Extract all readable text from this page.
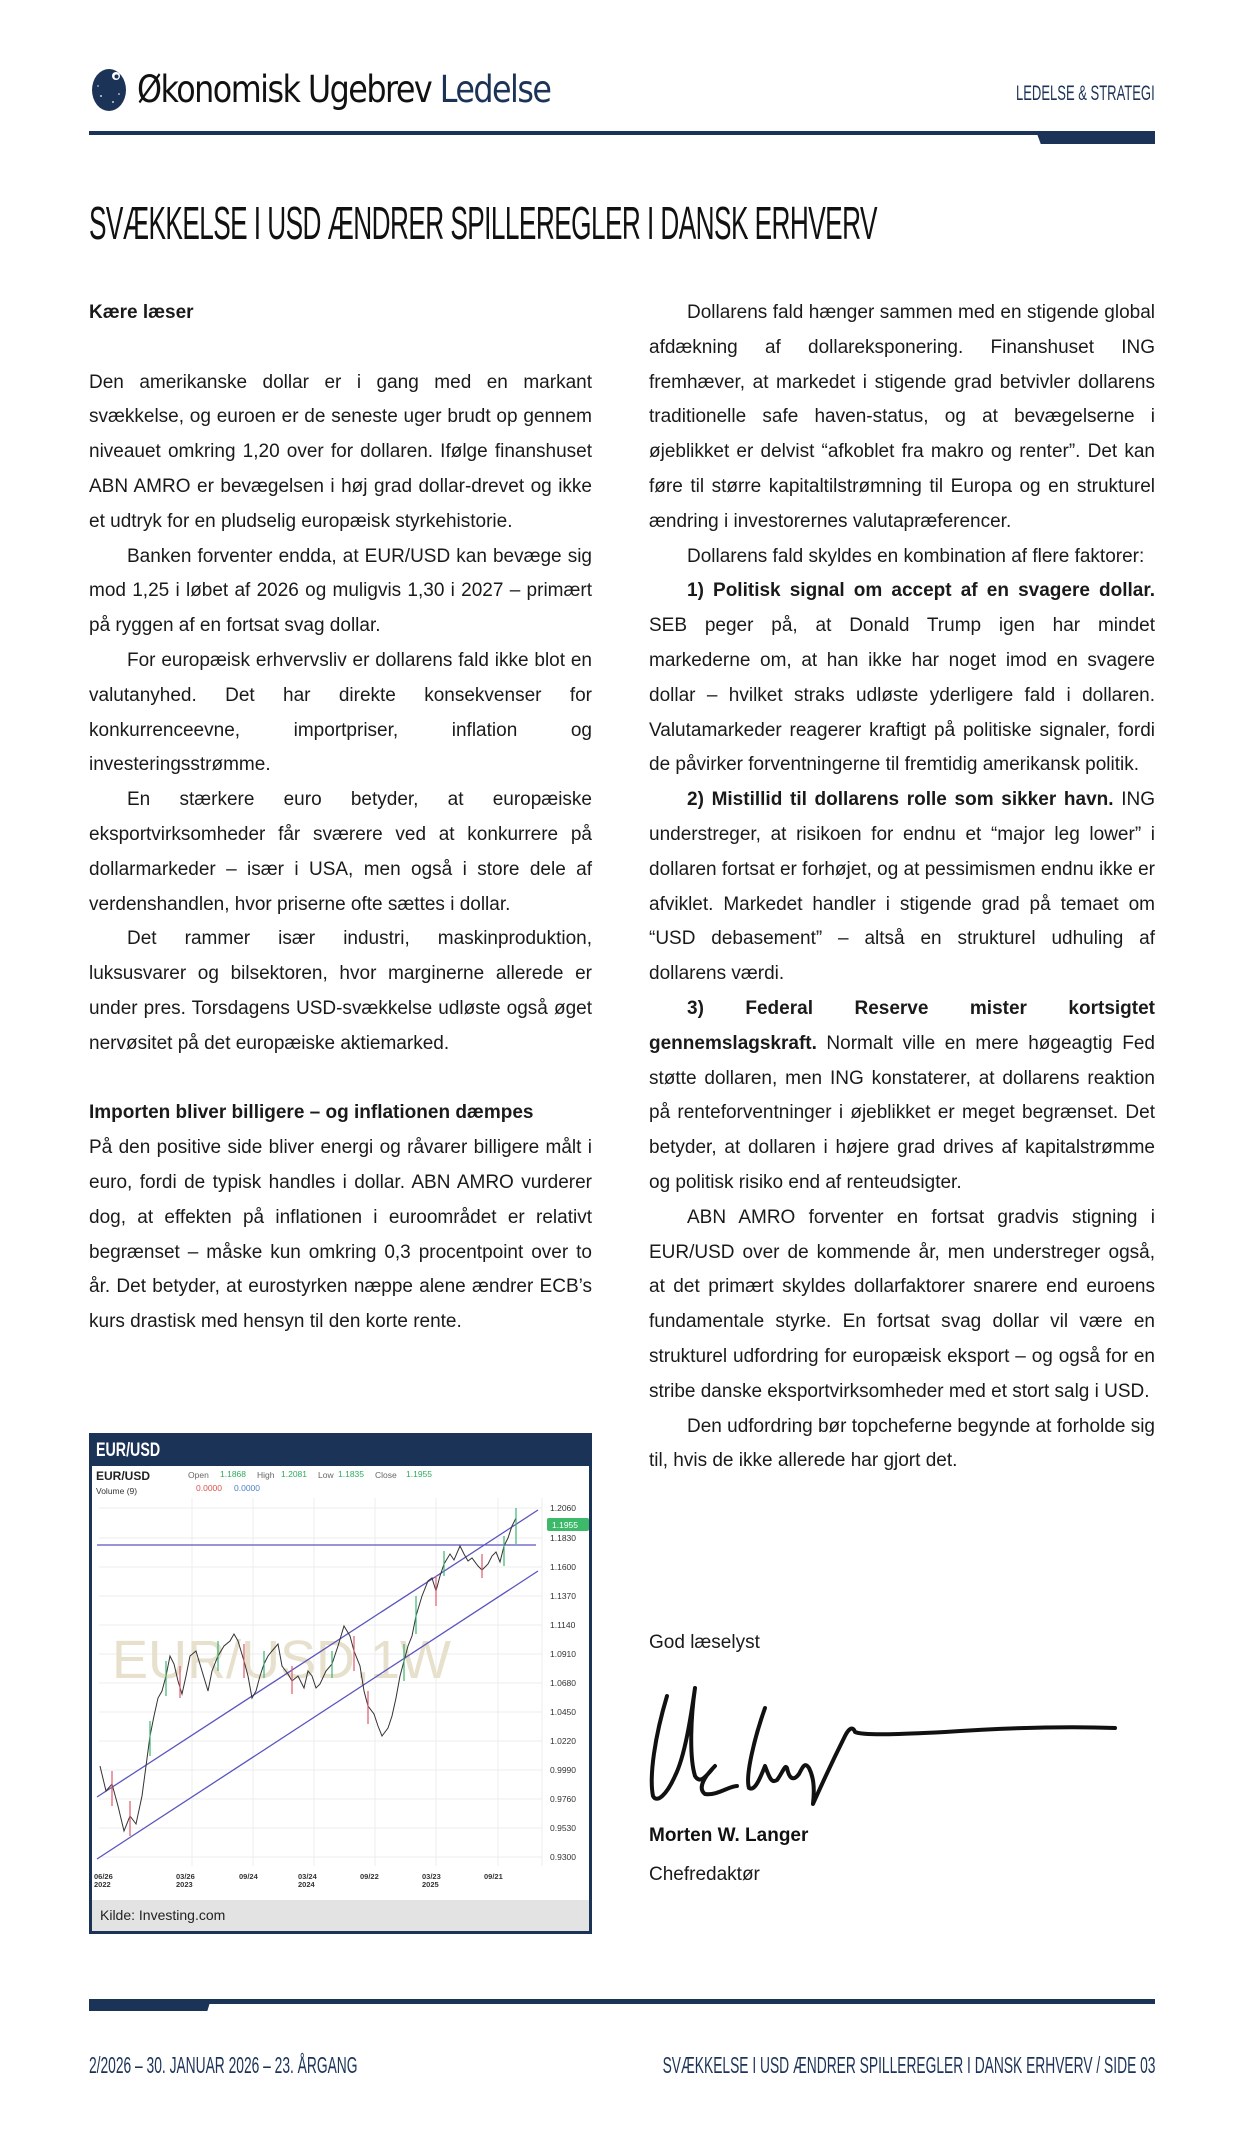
Økonomisk Ugebrev Ledelse	LEDELSE & STRATEGI
SVÆKKELSE I USD ÆNDRER SPILLEREGLER I DANSK ERHVERV

Kære læser

Den amerikanske dollar er i gang med en markant svækkelse, og euroen er de seneste uger brudt op gennem niveauet omkring 1,20 over for dollaren. Ifølge finanshuset ABN AMRO er bevægelsen i høj grad dollar-drevet og ikke et udtryk for en pludselig europæisk styrkehistorie.

Banken forventer endda, at EUR/USD kan bevæge sig mod 1,25 i løbet af 2026 og muligvis 1,30 i 2027 – primært på ryggen af en fortsat svag dollar.

For europæisk erhvervsliv er dollarens fald ikke blot en valutanyhed. Det har direkte konsekvenser for konkurrenceevne, importpriser, inflation og investeringsstrømme.

En stærkere euro betyder, at europæiske eksportvirksomheder får sværere ved at konkurrere på dollarmarkeder – især i USA, men også i store dele af verdenshandlen, hvor priserne ofte sættes i dollar.

Det rammer især industri, maskinproduktion, luksusvarer og bilsektoren, hvor marginerne allerede er under pres. Torsdagens USD-svækkelse udløste også øget nervøsitet på det europæiske aktiemarked.

Importen bliver billigere – og inflationen dæmpes

På den positive side bliver energi og råvarer billigere målt i euro, fordi de typisk handles i dollar. ABN AMRO vurderer dog, at effekten på inflationen i euroområdet er relativt begrænset – måske kun omkring 0,3 procentpoint over to år. Det betyder, at eurostyrken næppe alene ændrer ECB’s kurs drastisk med hensyn til den korte rente.

EUR/USD
EUR/USD,1W
EUR/USD
Volume (9)
Open 1.1868 High 1.2081 Low 1.1835 Close 1.1955
0.0000 0.0000
1.2060
1.1830
1.1600
1.1370
1.1140
1.0910
1.0680
1.0450
1.0220
0.9990
0.9760
0.9530
0.9300
1.1955
06/26
2022
03/26
2023
09/24	03/24
2024
09/22	03/23
2025
09/21
Kilde: Investing.com

Dollarens fald hænger sammen med en stigende global afdækning af dollareksponering. Finanshuset ING fremhæver, at markedet i stigende grad betvivler dollarens traditionelle safe haven-status, og at bevægelserne i øjeblikket er delvist “afkoblet fra makro og renter”. Det kan føre til større kapitaltilstrømning til Europa og en strukturel ændring i investorernes valutapræferencer.

Dollarens fald skyldes en kombination af flere faktorer:

1) Politisk signal om accept af en svagere dollar. SEB peger på, at Donald Trump igen har mindet markederne om, at han ikke har noget imod en svagere dollar – hvilket straks udløste yderligere fald i dollaren. Valutamarkeder reagerer kraftigt på politiske signaler, fordi de påvirker forventningerne til fremtidig amerikansk politik.

2) Mistillid til dollarens rolle som sikker havn. ING understreger, at risikoen for endnu et “major leg lower” i dollaren fortsat er forhøjet, og at pessimismen endnu ikke er afviklet. Markedet handler i stigende grad på temaet om “USD debasement” – altså en strukturel udhuling af dollarens værdi.

3) Federal Reserve mister kortsigtet gennemslagskraft. Normalt ville en mere høgeagtig Fed støtte dollaren, men ING konstaterer, at dollarens reaktion på renteforventninger i øjeblikket er meget begrænset. Det betyder, at dollaren i højere grad drives af kapitalstrømme og politisk risiko end af renteudsigter.

ABN AMRO forventer en fortsat gradvis stigning i EUR/USD over de kommende år, men understreger også, at det primært skyldes dollarfaktorer snarere end euroens fundamentale styrke. En fortsat svag dollar vil være en strukturel udfordring for europæisk eksport – og også for en stribe danske eksportvirksomheder med et stort salg i USD.

Den udfordring bør topcheferne begynde at forholde sig til, hvis de ikke allerede har gjort det.

God læselyst
Morten W. Langer
Chefredaktør
2/2026 – 30. JANUAR 2026 – 23. ÅRGANG	SVÆKKELSE I USD ÆNDRER SPILLEREGLER I DANSK ERHVERV / SIDE 03
